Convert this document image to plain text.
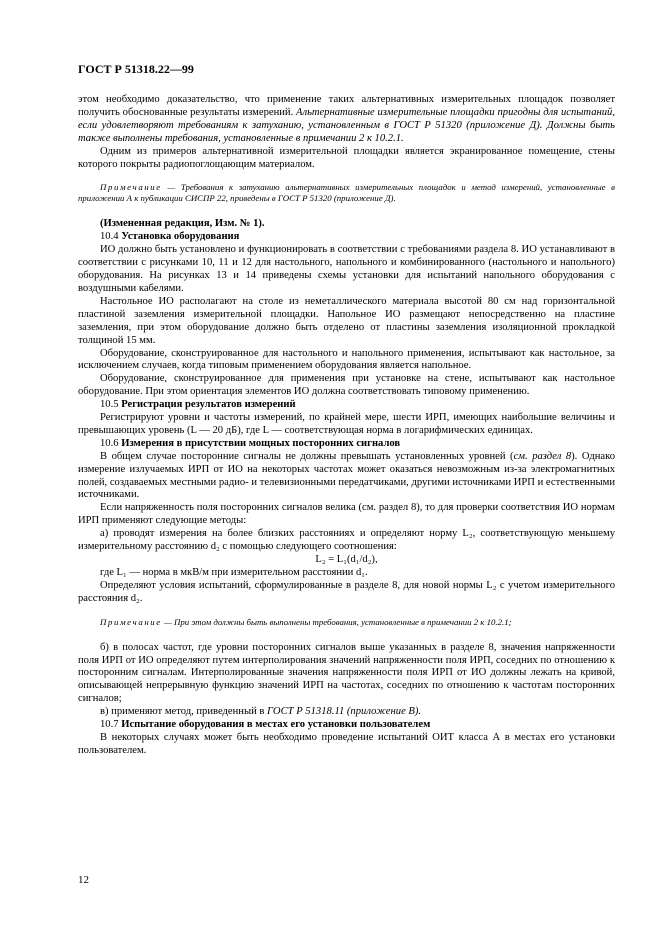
ГОСТ Р 51318.22—99

этом необходимо доказательство, что применение таких альтернативных измерительных площадок позволяет получить обоснованные результаты измерений. Альтернативные измерительные площадки пригодны для испытаний, если удовлетворяют требованиям к затуханию, установленным в ГОСТ Р 51320 (приложение Д). Должны быть также выполнены требования, установленные в примечании 2 к 10.2.1.

Одним из примеров альтернативной измерительной площадки является экранированное помещение, стены которого покрыты радиопоглощающим материалом.

Примечание — Требования к затуханию альтернативных измерительных площадок и метод измерений, установленные в приложении А к публикации СИСПР 22, приведены в ГОСТ Р 51320 (приложение Д).

(Измененная редакция, Изм. № 1).

10.4 Установка оборудования

ИО должно быть установлено и функционировать в соответствии с требованиями раздела 8. ИО устанавливают в соответствии с рисунками 10, 11 и 12 для настольного, напольного и комбинированного (настольного и напольного) оборудования. На рисунках 13 и 14 приведены схемы установки для испытаний напольного оборудования с воздушными кабелями.

Настольное ИО располагают на столе из неметаллического материала высотой 80 см над горизонтальной пластиной заземления измерительной площадки. Напольное ИО размещают непосредственно на пластине заземления, при этом оборудование должно быть отделено от пластины заземления изоляционной прокладкой толщиной 15 мм.

Оборудование, сконструированное для настольного и напольного применения, испытывают как настольное, за исключением случаев, когда типовым применением оборудования является напольное.

Оборудование, сконструированное для применения при установке на стене, испытывают как настольное оборудование. При этом ориентация элементов ИО должна соответствовать типовому применению.

10.5 Регистрация результатов измерений

Регистрируют уровни и частоты измерений, по крайней мере, шести ИРП, имеющих наибольшие величины и превышающих уровень (L — 20 дБ), где L — соответствующая норма в логарифмических единицах.

10.6 Измерения в присутствии мощных посторонних сигналов

В общем случае посторонние сигналы не должны превышать установленных уровней (см. раздел 8). Однако измерение излучаемых ИРП от ИО на некоторых частотах может оказаться невозможным из-за электромагнитных полей, создаваемых местными радио- и телевизионными передатчиками, другими источниками ИРП и естественными источниками.

Если напряженность поля посторонних сигналов велика (см. раздел 8), то для проверки соответствия ИО нормам ИРП применяют следующие методы:

а) проводят измерения на более близких расстояниях и определяют норму L₂, соответствующую меньшему измерительному расстоянию d₂ с помощью следующего соотношения:

L₂ = L₁(d₁/d₂),

где L₁ — норма в мкВ/м при измерительном расстоянии d₁.

Определяют условия испытаний, сформулированные в разделе 8, для новой нормы L₂ с учетом измерительного расстояния d₂.

Примечание — При этом должны быть выполнены требования, установленные в примечании 2 к 10.2.1;

б) в полосах частот, где уровни посторонних сигналов выше указанных в разделе 8, значения напряженности поля ИРП от ИО определяют путем интерполирования значений напряженности поля ИРП, соседних по отношению к посторонним сигналам. Интерполированные значения напряженности поля ИРП от ИО должны лежать на кривой, описывающей непрерывную функцию значений ИРП на частотах, соседних по отношению к частотам посторонних сигналов;

в) применяют метод, приведенный в ГОСТ Р 51318.11 (приложение В).

10.7 Испытание оборудования в местах его установки пользователем

В некоторых случаях может быть необходимо проведение испытаний ОИТ класса А в местах его установки пользователем.

12
